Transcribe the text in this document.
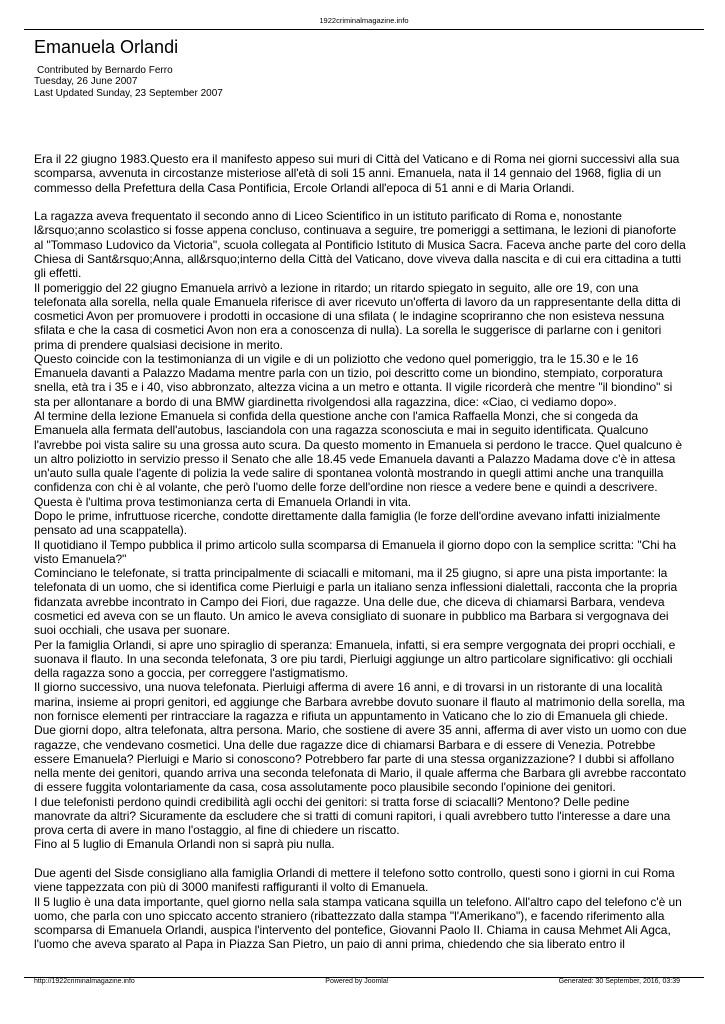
1922criminalmagazine.info
Emanuela Orlandi
Contributed by Bernardo Ferro
Tuesday, 26 June 2007
Last Updated Sunday, 23 September 2007

Era il 22 giugno 1983.Questo era il manifesto appeso sui muri di Città del Vaticano e di Roma nei giorni successivi alla sua scomparsa, avvenuta in circostanze misteriose all'età di soli 15 anni. Emanuela, nata il 14 gennaio del 1968, figlia di un commesso della Prefettura della Casa Pontificia, Ercole Orlandi all'epoca di 51 anni e di Maria Orlandi.

La ragazza aveva frequentato il secondo anno di Liceo Scientifico in un istituto parificato di Roma e, nonostante l&rsquo;anno scolastico si fosse appena concluso, continuava a seguire, tre pomeriggi a settimana, le lezioni di pianoforte al "Tommaso Ludovico da Victoria", scuola collegata al Pontificio Istituto di Musica Sacra. Faceva anche parte del coro della Chiesa di Sant&rsquo;Anna, all&rsquo;interno della Città del Vaticano, dove viveva dalla nascita e di cui era cittadina a tutti gli effetti.

Il pomeriggio del 22 giugno Emanuela arrivò a lezione in ritardo; un ritardo spiegato in seguito, alle ore 19, con una telefonata alla sorella, nella quale Emanuela riferisce di aver ricevuto un'offerta di lavoro da un rappresentante della ditta di cosmetici Avon per promuovere i prodotti in occasione di una sfilata ( le indagine scopriranno che non esisteva nessuna sfilata e che la casa di cosmetici Avon non era a conoscenza di nulla). La sorella le suggerisce di parlarne con i genitori prima di prendere qualsiasi decisione in merito.

Questo coincide con la testimonianza di un vigile e di un poliziotto che vedono quel pomeriggio, tra le 15.30 e le 16 Emanuela davanti a Palazzo Madama mentre parla con un tizio, poi descritto come un biondino, stempiato, corporatura snella, età tra i 35 e i 40, viso abbronzato, altezza vicina a un metro e ottanta. Il vigile ricorderà che mentre "il biondino" si sta per allontanare a bordo di una BMW giardinetta rivolgendosi alla ragazzina, dice: «Ciao, ci vediamo dopo».

Al termine della lezione Emanuela si confida della questione anche con l'amica Raffaella Monzi, che si congeda da Emanuela alla fermata dell'autobus, lasciandola con una ragazza sconosciuta e mai in seguito identificata. Qualcuno l'avrebbe poi vista salire su una grossa auto scura. Da questo momento in Emanuela si perdono le tracce. Quel qualcuno è un altro poliziotto in servizio presso il Senato che alle 18.45 vede Emanuela davanti a Palazzo Madama dove c'è in attesa un'auto sulla quale l'agente di polizia la vede salire di spontanea volontà mostrando in quegli attimi anche una tranquilla confidenza con chi è al volante, che però l'uomo delle forze dell'ordine non riesce a vedere bene e quindi a descrivere. Questa è l'ultima prova testimonianza certa di Emanuela Orlandi in vita.

Dopo le prime, infruttuose ricerche, condotte direttamente dalla famiglia (le forze dell'ordine avevano infatti inizialmente pensato ad una scappatella).

Il quotidiano il Tempo pubblica il primo articolo sulla scomparsa di Emanuela il giorno dopo con la semplice scritta: "Chi ha visto Emanuela?"

Cominciano le telefonate, si tratta principalmente di sciacalli e mitomani, ma il 25 giugno, si apre una pista importante: la telefonata di un uomo, che si identifica come Pierluigi e parla un italiano senza inflessioni dialettali, racconta che la propria fidanzata avrebbe incontrato in Campo dei Fiori, due ragazze. Una delle due, che diceva di chiamarsi Barbara, vendeva cosmetici ed aveva con se un flauto. Un amico le aveva consigliato di suonare in pubblico ma Barbara si vergognava dei suoi occhiali, che usava per suonare.

Per la famiglia Orlandi, si apre uno spiraglio di speranza: Emanuela, infatti, si era sempre vergognata dei propri occhiali, e suonava il flauto. In una seconda telefonata, 3 ore piu tardi, Pierluigi aggiunge un altro particolare significativo: gli occhiali della ragazza sono a goccia, per correggere l'astigmatismo.

Il giorno successivo, una nuova telefonata. Pierluigi afferma di avere 16 anni, e di trovarsi in un ristorante di una località marina, insieme ai propri genitori, ed aggiunge che Barbara avrebbe dovuto suonare il flauto al matrimonio della sorella, ma non fornisce elementi per rintracciare la ragazza e rifiuta un appuntamento in Vaticano che lo zio di Emanuela gli chiede.

Due giorni dopo, altra telefonata, altra persona. Mario, che sostiene di avere 35 anni, afferma di aver visto un uomo con due ragazze, che vendevano cosmetici. Una delle due ragazze dice di chiamarsi Barbara e di essere di Venezia. Potrebbe essere Emanuela? Pierluigi e Mario si conoscono? Potrebbero far parte di una stessa organizzazione? I dubbi si affollano nella mente dei genitori, quando arriva una seconda telefonata di Mario, il quale afferma che Barbara gli avrebbe raccontato di essere fuggita volontariamente da casa, cosa assolutamente poco plausibile secondo l'opinione dei genitori.

I due telefonisti perdono quindi credibilità agli occhi dei genitori: si tratta forse di sciacalli? Mentono? Delle pedine manovrate da altri? Sicuramente da escludere che si tratti di comuni rapitori, i quali avrebbero tutto l'interesse a dare una prova certa di avere in mano l'ostaggio, al fine di chiedere un riscatto.

Fino al 5 luglio di Emanula Orlandi non si saprà piu nulla.

Due agenti del Sisde consigliano alla famiglia Orlandi di mettere il telefono sotto controllo, questi sono i giorni in cui Roma viene tappezzata con più di 3000 manifesti raffiguranti il volto di Emanuela.

Il 5 luglio è una data importante, quel giorno nella sala stampa vaticana squilla un telefono. All'altro capo del telefono c'è un uomo, che parla con uno spiccato accento straniero (ribattezzato dalla stampa "l'Amerikano"), e facendo riferimento alla scomparsa di Emanuela Orlandi, auspica l'intervento del pontefice, Giovanni Paolo II. Chiama in causa Mehmet Ali Agca, l'uomo che aveva sparato al Papa in Piazza San Pietro, un paio di anni prima, chiedendo che sia liberato entro il

http://1922criminalmagazine.info	Powered by Joomla!	Generated: 30 September, 2016, 03:39
